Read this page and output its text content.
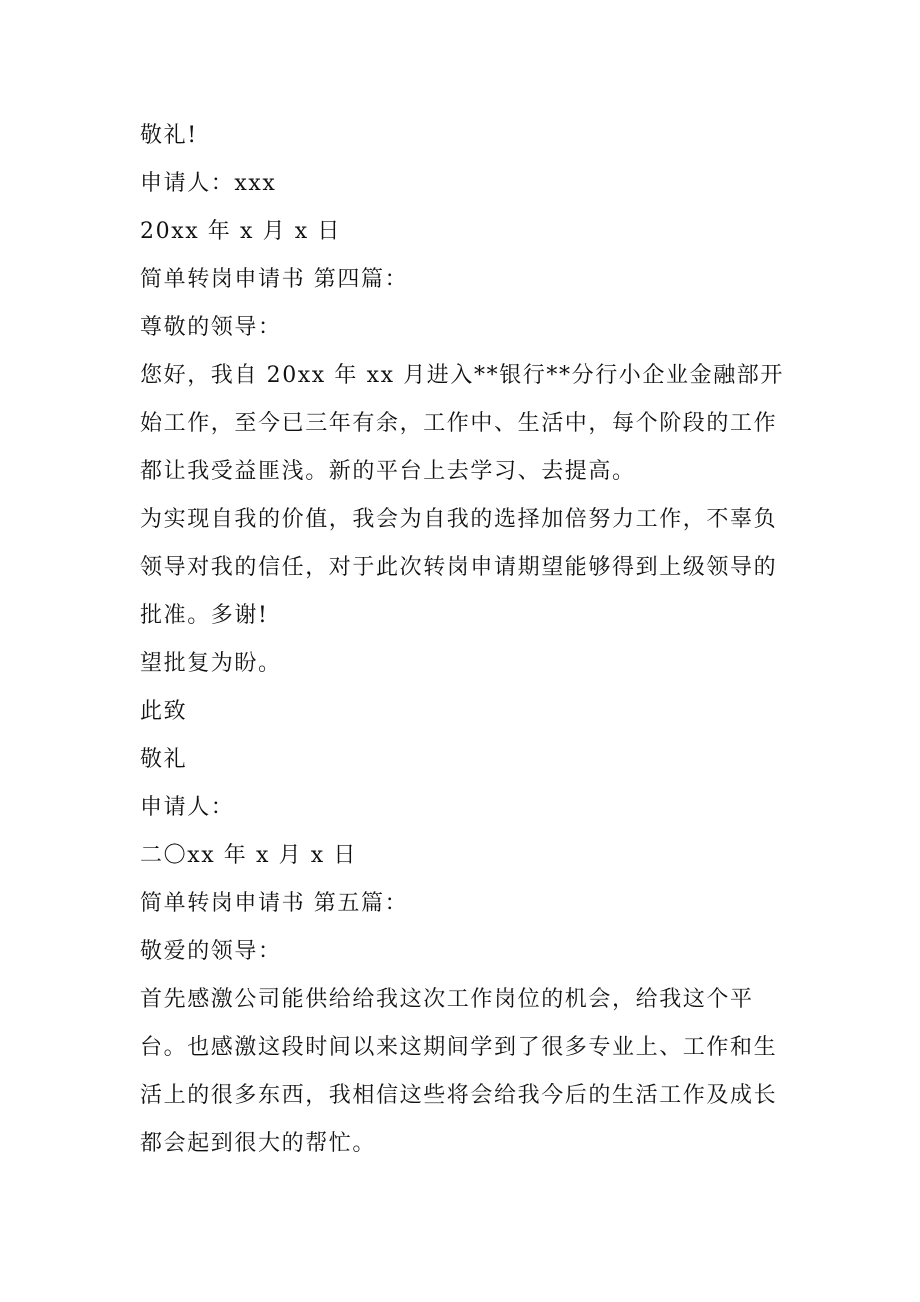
敬礼!

申请人：xxx

20xx 年 x 月 x 日

简单转岗申请书 第四篇：

尊敬的领导：

您好，我自 20xx 年 xx 月进入**银行**分行小企业金融部开始工作，至今已三年有余，工作中、生活中，每个阶段的工作都让我受益匪浅。新的平台上去学习、去提高。

为实现自我的价值，我会为自我的选择加倍努力工作，不辜负领导对我的信任，对于此次转岗申请期望能够得到上级领导的批准。多谢!

望批复为盼。

此致

敬礼

申请人：

二〇xx 年 x 月 x 日

简单转岗申请书 第五篇：

敬爱的领导：

首先感激公司能供给给我这次工作岗位的机会，给我这个平台。也感激这段时间以来这期间学到了很多专业上、工作和生活上的很多东西，我相信这些将会给我今后的生活工作及成长都会起到很大的帮忙。
